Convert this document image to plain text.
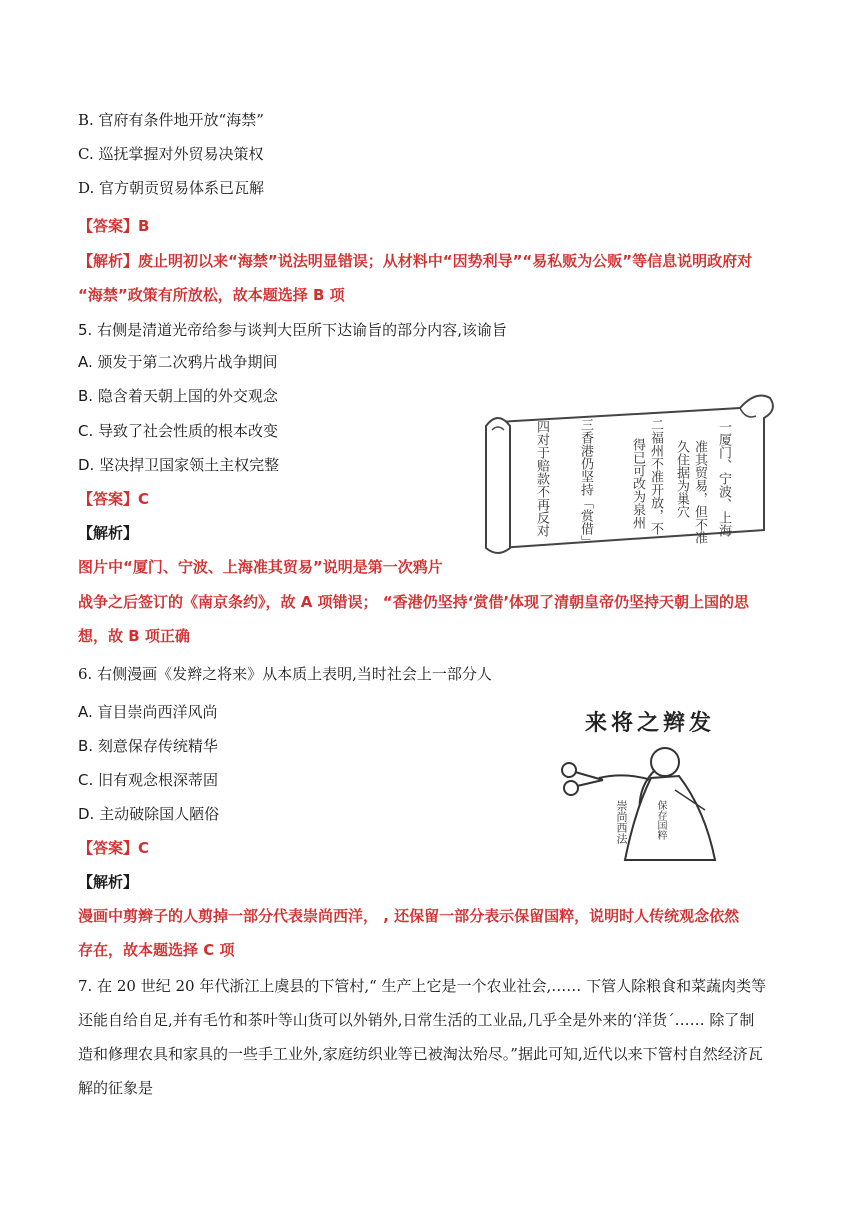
B. 官府有条件地开放“海禁”
C. 巡抚掌握对外贸易决策权
D. 官方朝贡贸易体系已瓦解
【答案】B
【解析】废止明初以来“海禁”说法明显错误；从材料中“因势利导”“易私贩为公贩”等信息说明政府对
“海禁”政策有所放松，故本题选择 B 项
5. 右侧是清道光帝给参与谈判大臣所下达谕旨的部分内容,该谕旨
A. 颁发于第二次鸦片战争期间
B. 隐含着天朝上国的外交观念
C. 导致了社会性质的根本改变
D. 坚决捍卫国家领土主权完整
【答案】C
【解析】
图片中“厦门、宁波、上海准其贸易”说明是第一次鸦片
战争之后签订的《南京条约》，故 A 项错误； “香港仍坚持‘赏借’体现了清朝皇帝仍坚持天朝上国的思
想，故 B 项正确
一厦门、宁波、上海
准其贸易，但不准
久住据为巢穴
二福州不准开放，不
得已可改为泉州
三香港仍坚持「赏借」
四对于赔款不再反对
6. 右侧漫画《发辫之将来》从本质上表明,当时社会上一部分人
A. 盲目崇尚西洋风尚
B. 刻意保存传统精华
C. 旧有观念根深蒂固
D. 主动破除国人陋俗
【答案】C
【解析】
漫画中剪辫子的人剪掉一部分代表崇尚西洋， , 还保留一部分表示保留国粹，说明时人传统观念依然
存在，故本题选择 C 项
来将之辫发
崇尚西法	保存国粹
7. 在 20 世纪 20 年代浙江上虞县的下管村,“ 生产上它是一个农业社会,…… 下管人除粮食和菜蔬肉类等
还能自给自足,并有毛竹和茶叶等山货可以外销外,日常生活的工业品,几乎全是外来的‘洋货´…… 除了制
造和修理农具和家具的一些手工业外,家庭纺织业等已被淘汰殆尽。”据此可知,近代以来下管村自然经济瓦
解的征象是
